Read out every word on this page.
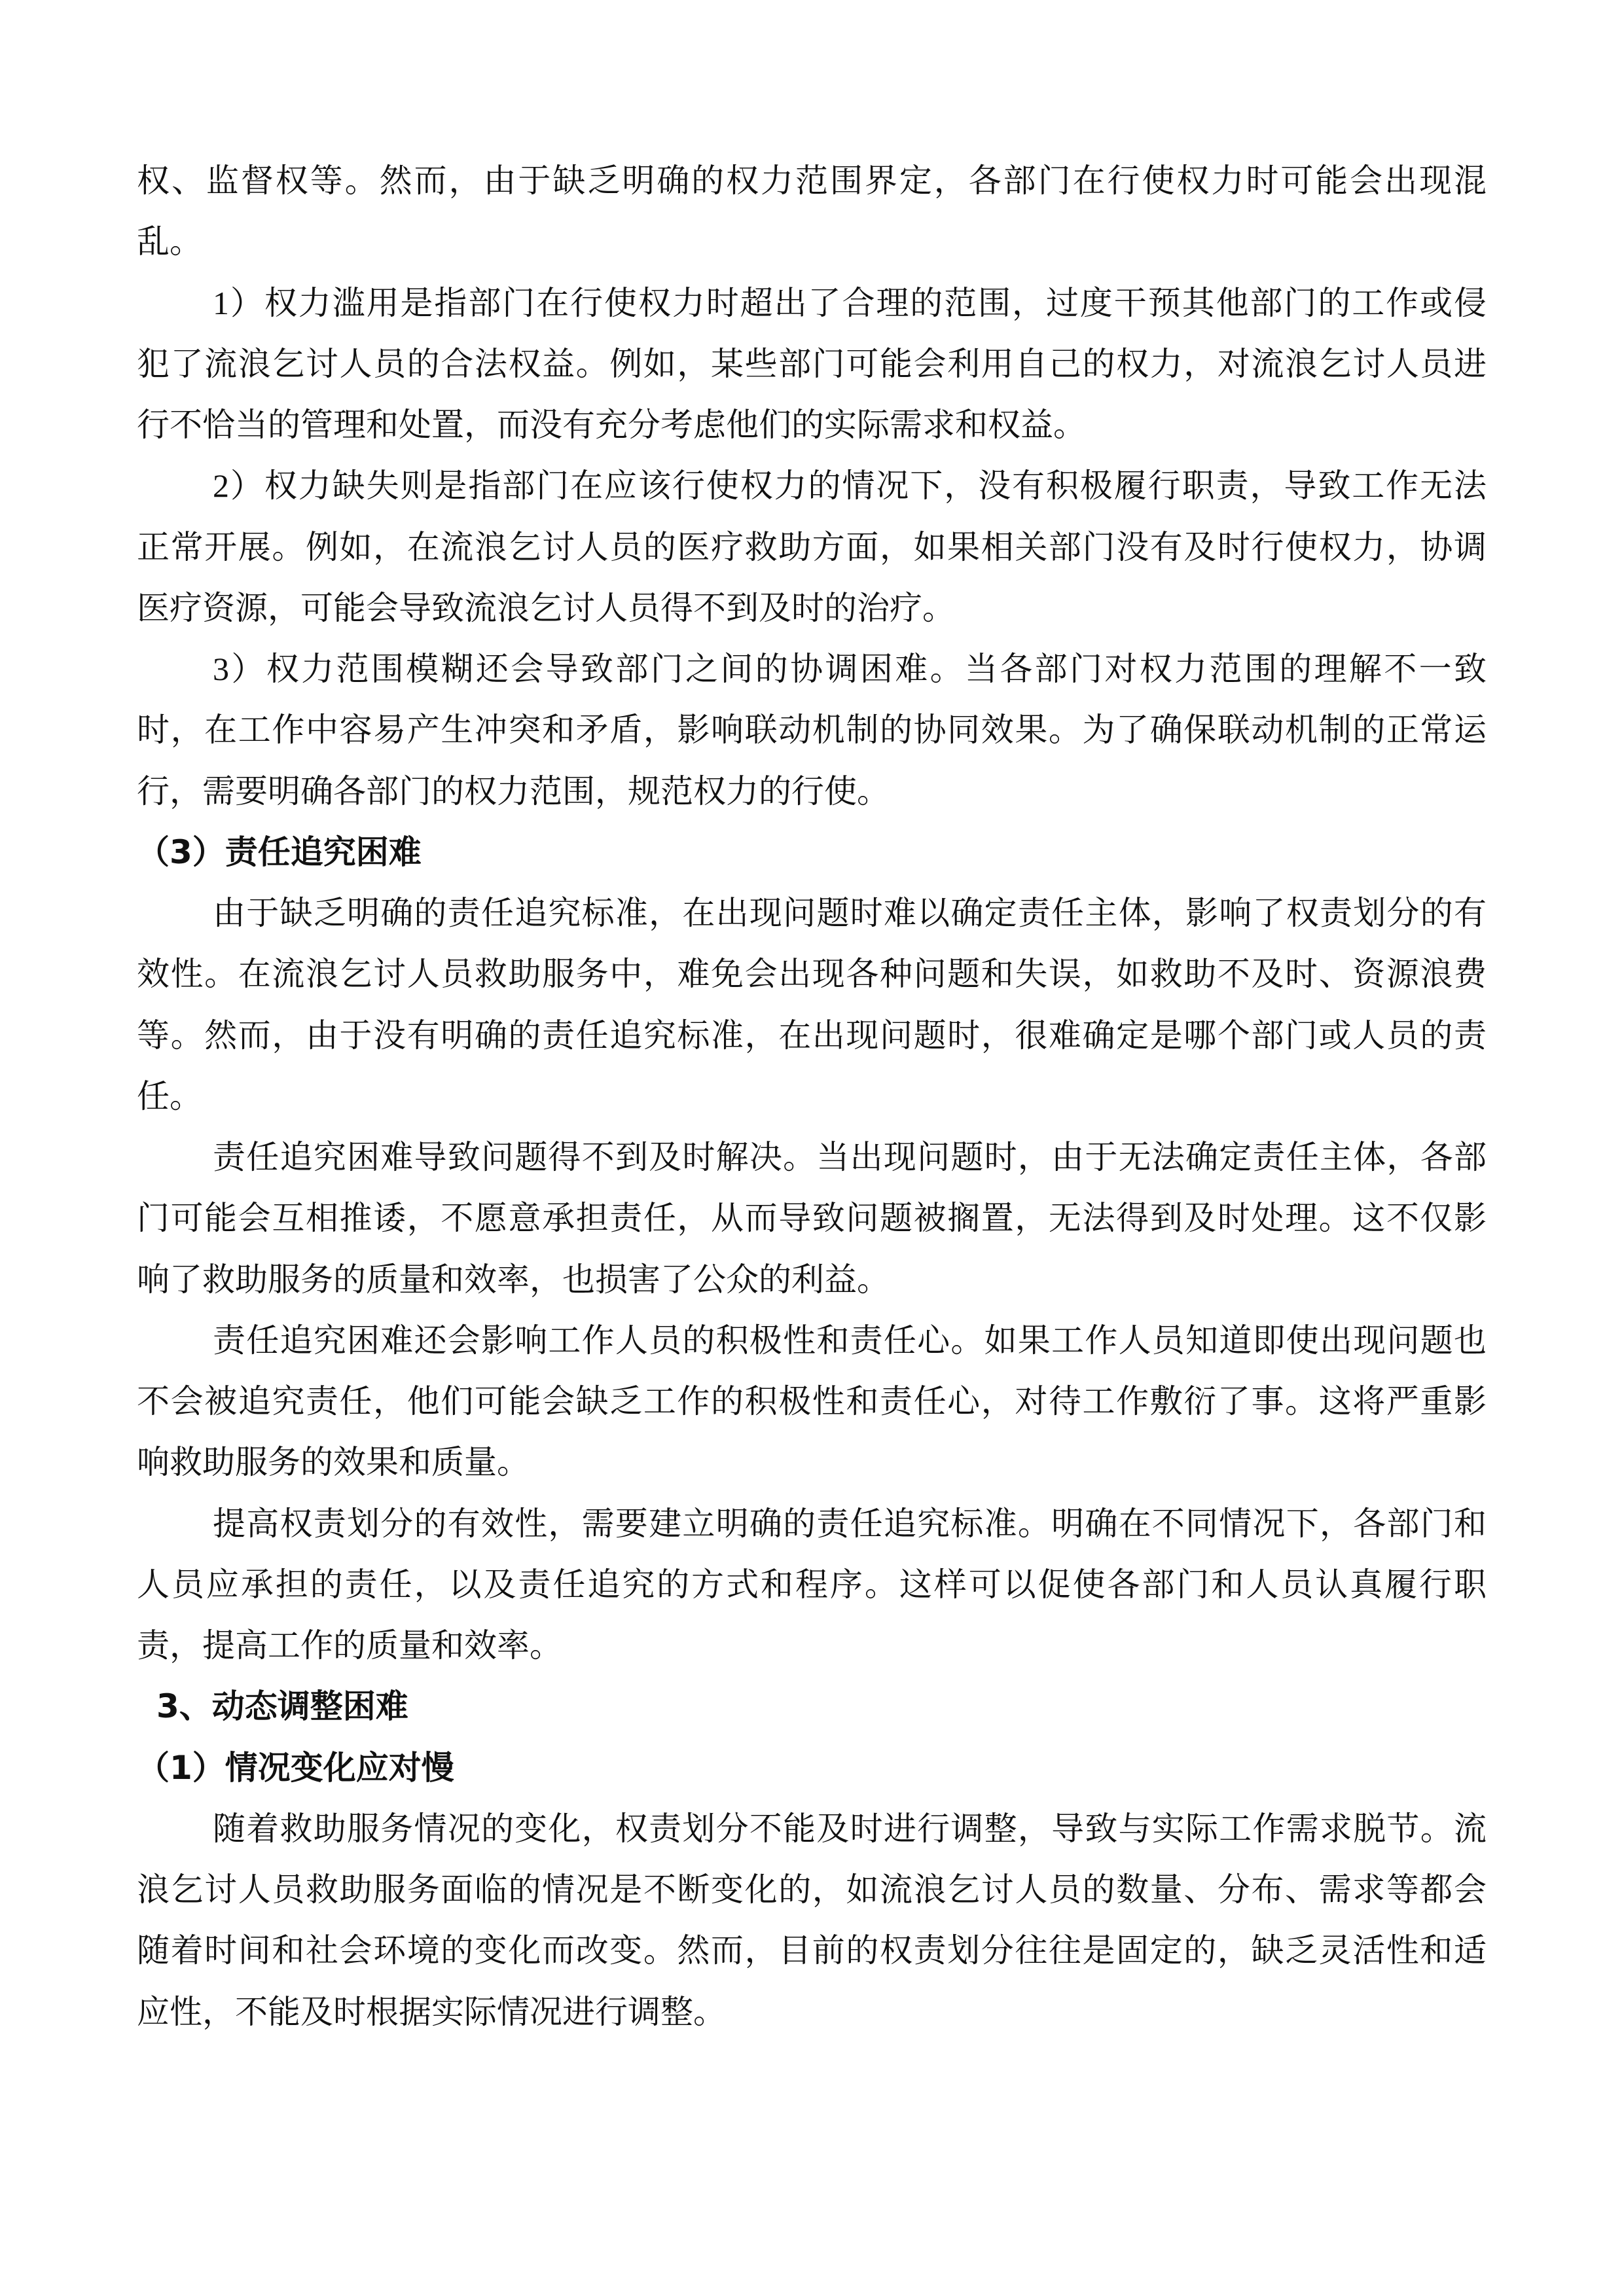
权、监督权等。然而，由于缺乏明确的权力范围界定，各部门在行使权力时可能会出现混
乱。
1）权力滥用是指部门在行使权力时超出了合理的范围，过度干预其他部门的工作或侵
犯了流浪乞讨人员的合法权益。例如，某些部门可能会利用自己的权力，对流浪乞讨人员进
行不恰当的管理和处置，而没有充分考虑他们的实际需求和权益。
2）权力缺失则是指部门在应该行使权力的情况下，没有积极履行职责，导致工作无法
正常开展。例如，在流浪乞讨人员的医疗救助方面，如果相关部门没有及时行使权力，协调
医疗资源，可能会导致流浪乞讨人员得不到及时的治疗。
3）权力范围模糊还会导致部门之间的协调困难。当各部门对权力范围的理解不一致
时，在工作中容易产生冲突和矛盾，影响联动机制的协同效果。为了确保联动机制的正常运
行，需要明确各部门的权力范围，规范权力的行使。
（3）责任追究困难
由于缺乏明确的责任追究标准，在出现问题时难以确定责任主体，影响了权责划分的有
效性。在流浪乞讨人员救助服务中，难免会出现各种问题和失误，如救助不及时、资源浪费
等。然而，由于没有明确的责任追究标准，在出现问题时，很难确定是哪个部门或人员的责
任。
责任追究困难导致问题得不到及时解决。当出现问题时，由于无法确定责任主体，各部
门可能会互相推诿，不愿意承担责任，从而导致问题被搁置，无法得到及时处理。这不仅影
响了救助服务的质量和效率，也损害了公众的利益。
责任追究困难还会影响工作人员的积极性和责任心。如果工作人员知道即使出现问题也
不会被追究责任，他们可能会缺乏工作的积极性和责任心，对待工作敷衍了事。这将严重影
响救助服务的效果和质量。
提高权责划分的有效性，需要建立明确的责任追究标准。明确在不同情况下，各部门和
人员应承担的责任，以及责任追究的方式和程序。这样可以促使各部门和人员认真履行职
责，提高工作的质量和效率。
3、动态调整困难
（1）情况变化应对慢
随着救助服务情况的变化，权责划分不能及时进行调整，导致与实际工作需求脱节。流
浪乞讨人员救助服务面临的情况是不断变化的，如流浪乞讨人员的数量、分布、需求等都会
随着时间和社会环境的变化而改变。然而，目前的权责划分往往是固定的，缺乏灵活性和适
应性，不能及时根据实际情况进行调整。
